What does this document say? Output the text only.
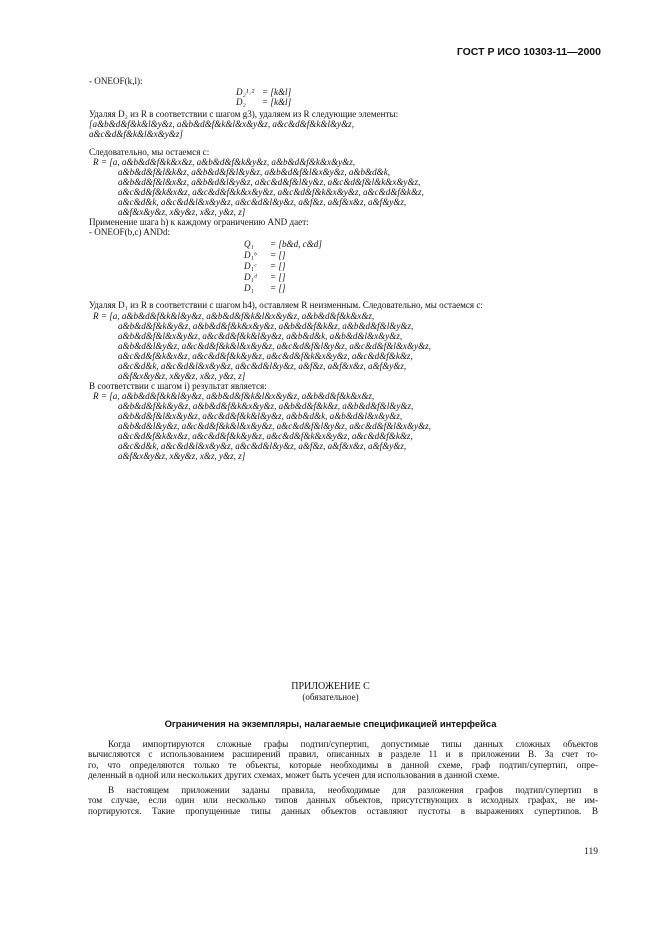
ГОСТ Р ИСО 10303-11—2000
- ONEOF(k,l):
D₂¹˒² = [k&l]
D₂ = [k&l]
Удаляя D₂ из R в соответствии с шагом g3), удаляем из R следующие элементы:
[a&b&d&f&k&l&y&z, a&b&d&f&k&l&x&y&z, a&c&d&f&k&l&y&z,
a&c&d&f&k&l&x&y&z]
Следовательно, мы остаемся с:
R = [a, a&b&d&f&k&x&z, a&b&d&f&k&y&z, a&b&d&f&k&x&y&z,
a&b&d&f&l&k&z, a&b&d&f&l&y&z, a&b&d&f&l&x&y&z, a&b&d&k,
a&b&d&f&l&x&z, a&b&d&l&y&z, a&c&d&f&l&y&z, a&c&d&f&l&k&x&y&z,
a&c&d&f&k&x&z, a&c&d&f&k&x&y&z, a&c&d&f&k&x&y&z, a&c&d&f&k&z,
a&c&d&k, a&c&d&l&x&y&z, a&c&d&l&y&z, a&f&z, a&f&x&z, a&f&y&z,
a&f&x&y&z, x&y&z, x&z, y&z, z]
Применение шага h) к каждому ограничению AND дает:
- ONEOF(b,c) ANDd:
Q₁ = [b&d, c&d]
D₁ᵇ = []
D₁ᶜ = []
D₁ᵈ = []
D₁ = []
Удаляя D₁ из R в соответствии с шагом h4), оставляем R неизменным. Следовательно, мы остаемся с:
R = [a, a&b&d&f&k&l&y&z, a&b&d&f&k&l&x&y&z, a&b&d&f&k&x&z,
a&b&d&f&k&y&z, a&b&d&f&k&x&y&z, a&b&d&f&k&z, a&b&d&f&l&y&z,
a&b&d&f&l&x&y&z, a&c&d&f&k&l&y&z, a&b&d&k, a&b&d&l&x&y&z,
a&b&d&l&y&z, a&c&d&f&k&l&x&y&z, a&c&d&f&l&y&z, a&c&d&f&l&x&y&z,
a&c&d&f&k&x&z, a&c&d&f&k&y&z, a&c&d&f&k&x&y&z, a&c&d&f&k&z,
a&c&d&k, a&c&d&l&x&y&z, a&c&d&l&y&z, a&f&z, a&f&x&z, a&f&y&z,
a&f&x&y&z, x&y&z, x&z, y&z, z]
В соответствии с шагом i) результат является:
R = [a, a&b&d&f&k&l&y&z, a&b&d&f&k&l&x&y&z, a&b&d&f&k&x&z,
a&b&d&f&k&y&z, a&b&d&f&k&x&y&z, a&b&d&f&k&z, a&b&d&f&l&y&z,
a&b&d&f&l&x&y&z, a&c&d&f&k&l&y&z, a&b&d&k, a&b&d&l&x&y&z,
a&b&d&l&y&z, a&c&d&f&k&l&x&y&z, a&c&d&f&l&y&z, a&c&d&f&l&x&y&z,
a&c&d&f&k&x&z, a&c&d&f&k&y&z, a&c&d&f&k&x&y&z, a&c&d&f&k&z,
a&c&d&k, a&c&d&l&x&y&z, a&c&d&l&y&z, a&f&z, a&f&x&z, a&f&y&z,
a&f&x&y&z, x&y&z, x&z, y&z, z]
ПРИЛОЖЕНИЕ С
(обязательное)
Ограничения на экземпляры, налагаемые спецификацией интерфейса
Когда импортируются сложные графы подтип/супертип, допустимые типы данных сложных объектов
вычисляются с использованием расширений правил, описанных в разделе 11 и в приложении В. За счет то-
го, что определяются только те объекты, которые необходимы в данной схеме, граф подтип/супертип, опре-
деленный в одной или нескольких других схемах, может быть усечен для использования в данной схеме.
В настоящем приложении заданы правила, необходимые для разложения графов подтип/супертип в
том случае, если один или несколько типов данных объектов, присутствующих в исходных графах, не им-
портируются. Такие пропущенные типы данных объектов оставляют пустоты в выражениях супертипов. В
119
